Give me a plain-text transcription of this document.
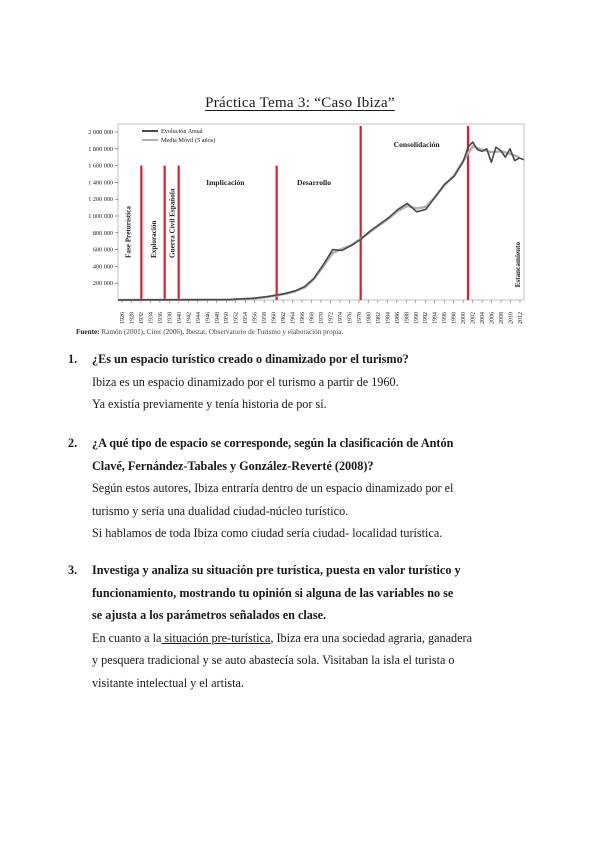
Práctica Tema 3: “Caso Ibiza”
2 000 000
1 800 000
1 600 000
1 400 000
1 200 000
1 000 000
800 000
600 000
400 000
200 000
1926 1928 1932 1934 1936 1938 1940 1942 1944 1946 1948 1950 1952 1954 1956 1958 1960 1962 1964 1966 1968 1970 1972 1974 1976 1978 1980 1982 1984 1986 1988 1990 1992 1994 1996 1998 2000 2002 2004 2006 2008 2010 2012
Evolución Anual
Media Móvil (5 años)
Fase Preturística Exploración Guerra Civil Española
Implicación	Desarrollo
Consolidación
Estancamiento
Fuente: Ramón (2001), Cirer (2006), Ibestat, Observatorio de Turismo y elaboración propia.
1. ¿Es un espacio turístico creado o dinamizado por el turismo?
Ibiza es un espacio dinamizado por el turismo a partir de 1960.
Ya existía previamente y tenía historia de por sí.
2. ¿A qué tipo de espacio se corresponde, según la clasificación de Antón
Clavé, Fernández-Tabales y González-Reverté (2008)?
Según estos autores, Ibiza entraría dentro de un espacio dinamizado por el
turismo y sería una dualidad ciudad-núcleo turístico.
Si hablamos de toda Ibiza como ciudad sería ciudad- localidad turística.
3. Investiga y analiza su situación pre turística, puesta en valor turístico y
funcionamiento, mostrando tu opinión si alguna de las variables no se
se ajusta a los parámetros señalados en clase.
En cuanto a la situación pre-turística, Ibiza era una sociedad agraria, ganadera
y pesquera tradicional y se auto abastecía sola. Visitaban la isla el turista o
visitante intelectual y el artista.
